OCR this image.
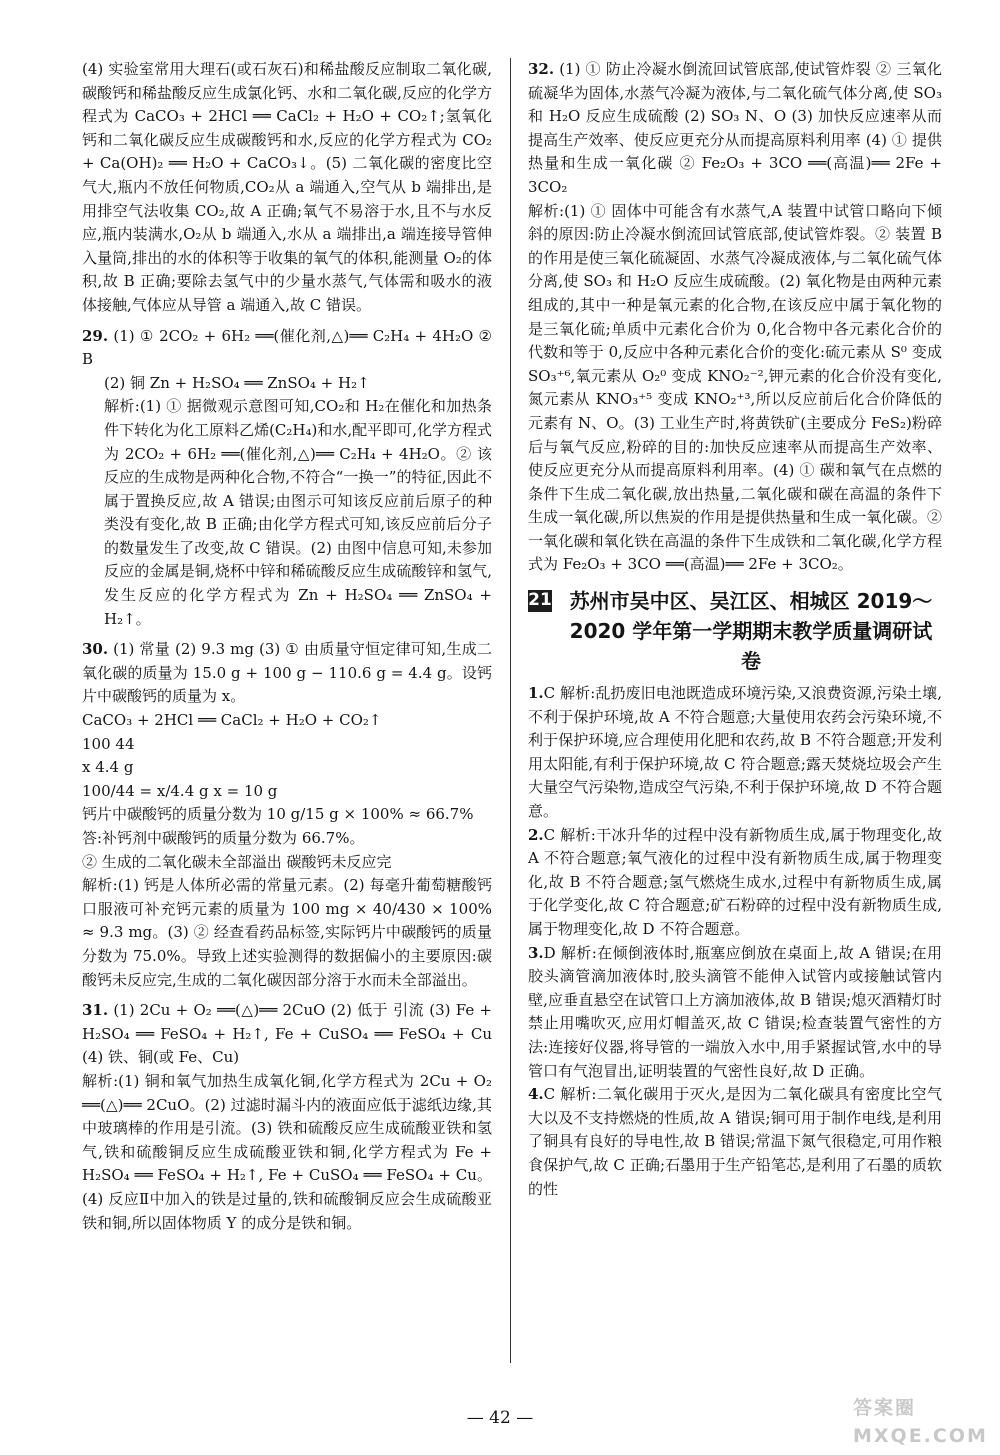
(4) 实验室常用大理石(或石灰石)和稀盐酸反应制取二氧化碳,碳酸钙和稀盐酸反应生成氯化钙、水和二氧化碳,反应的化学方程式为 CaCO₃ + 2HCl ══ CaCl₂ + H₂O + CO₂↑;氢氧化钙和二氧化碳反应生成碳酸钙和水,反应的化学方程式为 CO₂ + Ca(OH)₂ ══ H₂O + CaCO₃↓。(5) 二氧化碳的密度比空气大,瓶内不放任何物质,CO₂从 a 端通入,空气从 b 端排出,是用排空气法收集 CO₂,故 A 正确;氧气不易溶于水,且不与水反应,瓶内装满水,O₂从 b 端通入,水从 a 端排出,a 端连接导管伸入量筒,排出的水的体积等于收集的氧气的体积,能测量 O₂的体积,故 B 正确;要除去氢气中的少量水蒸气,气体需和吸水的液体接触,气体应从导管 a 端通入,故 C 错误。

29. (1) ① 2CO₂ + 6H₂ ══(催化剂,△)══ C₂H₄ + 4H₂O ② B

(2) 铜 Zn + H₂SO₄ ══ ZnSO₄ + H₂↑

解析:(1) ① 据微观示意图可知,CO₂和 H₂在催化和加热条件下转化为化工原料乙烯(C₂H₄)和水,配平即可,化学方程式为 2CO₂ + 6H₂ ══(催化剂,△)══ C₂H₄ + 4H₂O。② 该反应的生成物是两种化合物,不符合“一换一”的特征,因此不属于置换反应,故 A 错误;由图示可知该反应前后原子的种类没有变化,故 B 正确;由化学方程式可知,该反应前后分子的数量发生了改变,故 C 错误。(2) 由图中信息可知,未参加反应的金属是铜,烧杯中锌和稀硫酸反应生成硫酸锌和氢气,发生反应的化学方程式为 Zn + H₂SO₄ ══ ZnSO₄ + H₂↑。

30. (1) 常量 (2) 9.3 mg (3) ① 由质量守恒定律可知,生成二氧化碳的质量为 15.0 g + 100 g − 110.6 g = 4.4 g。设钙片中碳酸钙的质量为 x。

CaCO₃ + 2HCl ══ CaCl₂ + H₂O + CO₂↑

100 44

x 4.4 g

100/44 = x/4.4 g x = 10 g

钙片中碳酸钙的质量分数为 10 g/15 g × 100% ≈ 66.7%

答:补钙剂中碳酸钙的质量分数为 66.7%。

② 生成的二氧化碳未全部溢出 碳酸钙未反应完

解析:(1) 钙是人体所必需的常量元素。(2) 每毫升葡萄糖酸钙口服液可补充钙元素的质量为 100 mg × 40/430 × 100% ≈ 9.3 mg。(3) ② 经查看药品标签,实际钙片中碳酸钙的质量分数为 75.0%。导致上述实验测得的数据偏小的主要原因:碳酸钙未反应完,生成的二氧化碳因部分溶于水而未全部溢出。

31. (1) 2Cu + O₂ ══(△)══ 2CuO (2) 低于 引流 (3) Fe + H₂SO₄ ══ FeSO₄ + H₂↑, Fe + CuSO₄ ══ FeSO₄ + Cu (4) 铁、铜(或 Fe、Cu)

解析:(1) 铜和氧气加热生成氧化铜,化学方程式为 2Cu + O₂ ══(△)══ 2CuO。(2) 过滤时漏斗内的液面应低于滤纸边缘,其中玻璃棒的作用是引流。(3) 铁和硫酸反应生成硫酸亚铁和氢气,铁和硫酸铜反应生成硫酸亚铁和铜,化学方程式为 Fe + H₂SO₄ ══ FeSO₄ + H₂↑, Fe + CuSO₄ ══ FeSO₄ + Cu。(4) 反应Ⅱ中加入的铁是过量的,铁和硫酸铜反应会生成硫酸亚铁和铜,所以固体物质 Y 的成分是铁和铜。

32. (1) ① 防止冷凝水倒流回试管底部,使试管炸裂 ② 三氧化硫凝华为固体,水蒸气冷凝为液体,与二氧化硫气体分离,使 SO₃ 和 H₂O 反应生成硫酸 (2) SO₃ N、O (3) 加快反应速率从而提高生产效率、使反应更充分从而提高原料利用率 (4) ① 提供热量和生成一氧化碳 ② Fe₂O₃ + 3CO ══(高温)══ 2Fe + 3CO₂

解析:(1) ① 固体中可能含有水蒸气,A 装置中试管口略向下倾斜的原因:防止冷凝水倒流回试管底部,使试管炸裂。② 装置 B 的作用是使三氧化硫凝固、水蒸气冷凝成液体,与二氧化硫气体分离,使 SO₃ 和 H₂O 反应生成硫酸。(2) 氧化物是由两种元素组成的,其中一种是氧元素的化合物,在该反应中属于氧化物的是三氧化硫;单质中元素化合价为 0,化合物中各元素化合价的代数和等于 0,反应中各种元素化合价的变化:硫元素从 S⁰ 变成 SO₃⁺⁶,氧元素从 O₂⁰ 变成 KNO₂⁻²,钾元素的化合价没有变化,氮元素从 KNO₃⁺⁵ 变成 KNO₂⁺³,所以反应前后化合价降低的元素有 N、O。(3) 工业生产时,将黄铁矿(主要成分 FeS₂)粉碎后与氧气反应,粉碎的目的:加快反应速率从而提高生产效率、使反应更充分从而提高原料利用率。(4) ① 碳和氧气在点燃的条件下生成二氧化碳,放出热量,二氧化碳和碳在高温的条件下生成一氧化碳,所以焦炭的作用是提供热量和生成一氧化碳。② 一氧化碳和氧化铁在高温的条件下生成铁和二氧化碳,化学方程式为 Fe₂O₃ + 3CO ══(高温)══ 2Fe + 3CO₂。

21 苏州市吴中区、吴江区、相城区 2019～2020 学年第一学期期末教学质量调研试卷

1.C 解析:乱扔废旧电池既造成环境污染,又浪费资源,污染土壤,不利于保护环境,故 A 不符合题意;大量使用农药会污染环境,不利于保护环境,应合理使用化肥和农药,故 B 不符合题意;开发利用太阳能,有利于保护环境,故 C 符合题意;露天焚烧垃圾会产生大量空气污染物,造成空气污染,不利于保护环境,故 D 不符合题意。

2.C 解析:干冰升华的过程中没有新物质生成,属于物理变化,故 A 不符合题意;氧气液化的过程中没有新物质生成,属于物理变化,故 B 不符合题意;氢气燃烧生成水,过程中有新物质生成,属于化学变化,故 C 符合题意;矿石粉碎的过程中没有新物质生成,属于物理变化,故 D 不符合题意。

3.D 解析:在倾倒液体时,瓶塞应倒放在桌面上,故 A 错误;在用胶头滴管滴加液体时,胶头滴管不能伸入试管内或接触试管内壁,应垂直悬空在试管口上方滴加液体,故 B 错误;熄灭酒精灯时禁止用嘴吹灭,应用灯帽盖灭,故 C 错误;检查装置气密性的方法:连接好仪器,将导管的一端放入水中,用手紧握试管,水中的导管口有气泡冒出,证明装置的气密性良好,故 D 正确。

4.C 解析:二氧化碳用于灭火,是因为二氧化碳具有密度比空气大以及不支持燃烧的性质,故 A 错误;铜可用于制作电线,是利用了铜具有良好的导电性,故 B 错误;常温下氮气很稳定,可用作粮食保护气,故 C 正确;石墨用于生产铅笔芯,是利用了石墨的质软的性

— 42 —	答案圈
MXQE.COM
